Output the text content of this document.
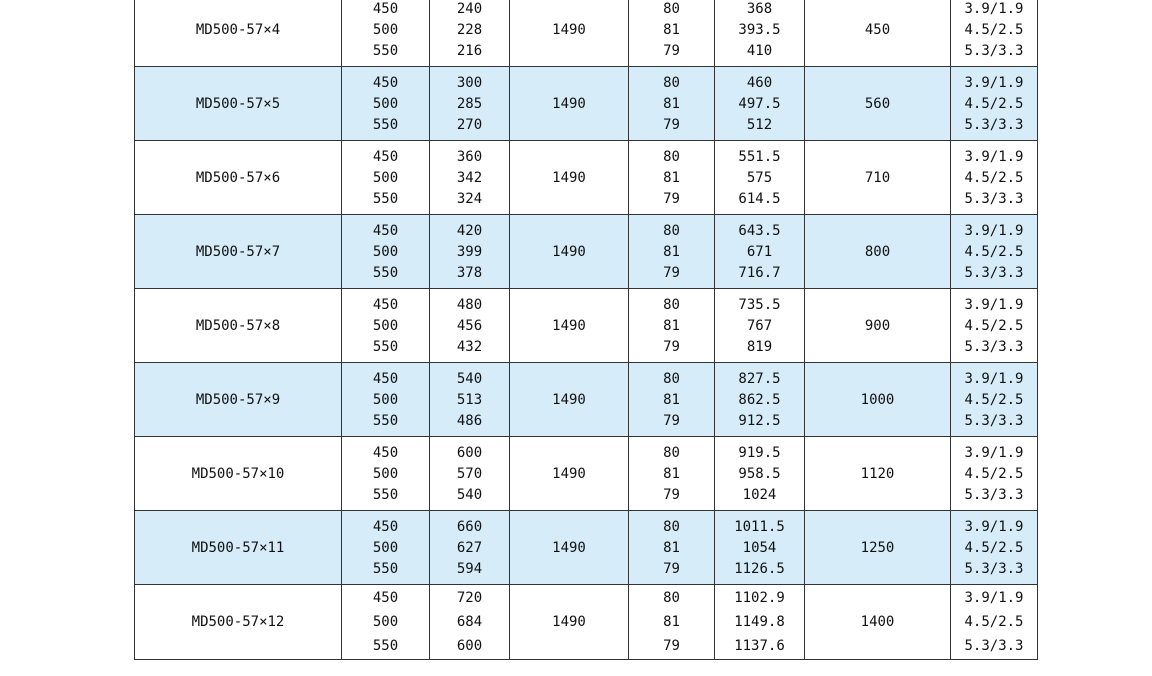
MD500-57×4	450
500
550	240
228
216	1490	80
81
79	368
393.5
410	450	3.9/1.9
4.5/2.5
5.3/3.3

MD500-57×5	450
500
550	300
285
270	1490	80
81
79	460
497.5
512	560	3.9/1.9
4.5/2.5
5.3/3.3

MD500-57×6	450
500
550	360
342
324	1490	80
81
79	551.5
575
614.5	710	3.9/1.9
4.5/2.5
5.3/3.3

MD500-57×7	450
500
550	420
399
378	1490	80
81
79	643.5
671
716.7	800	3.9/1.9
4.5/2.5
5.3/3.3

MD500-57×8	450
500
550	480
456
432	1490	80
81
79	735.5
767
819	900	3.9/1.9
4.5/2.5
5.3/3.3

MD500-57×9	450
500
550	540
513
486	1490	80
81
79	827.5
862.5
912.5	1000	3.9/1.9
4.5/2.5
5.3/3.3

MD500-57×10	450
500
550	600
570
540	1490	80
81
79	919.5
958.5
1024	1120	3.9/1.9
4.5/2.5
5.3/3.3

MD500-57×11	450
500
550	660
627
594	1490	80
81
79	1011.5
1054
1126.5	1250	3.9/1.9
4.5/2.5
5.3/3.3

MD500-57×12	450
500
550	720
684
600	1490	80
81
79	1102.9
1149.8
1137.6	1400	3.9/1.9
4.5/2.5
5.3/3.3
